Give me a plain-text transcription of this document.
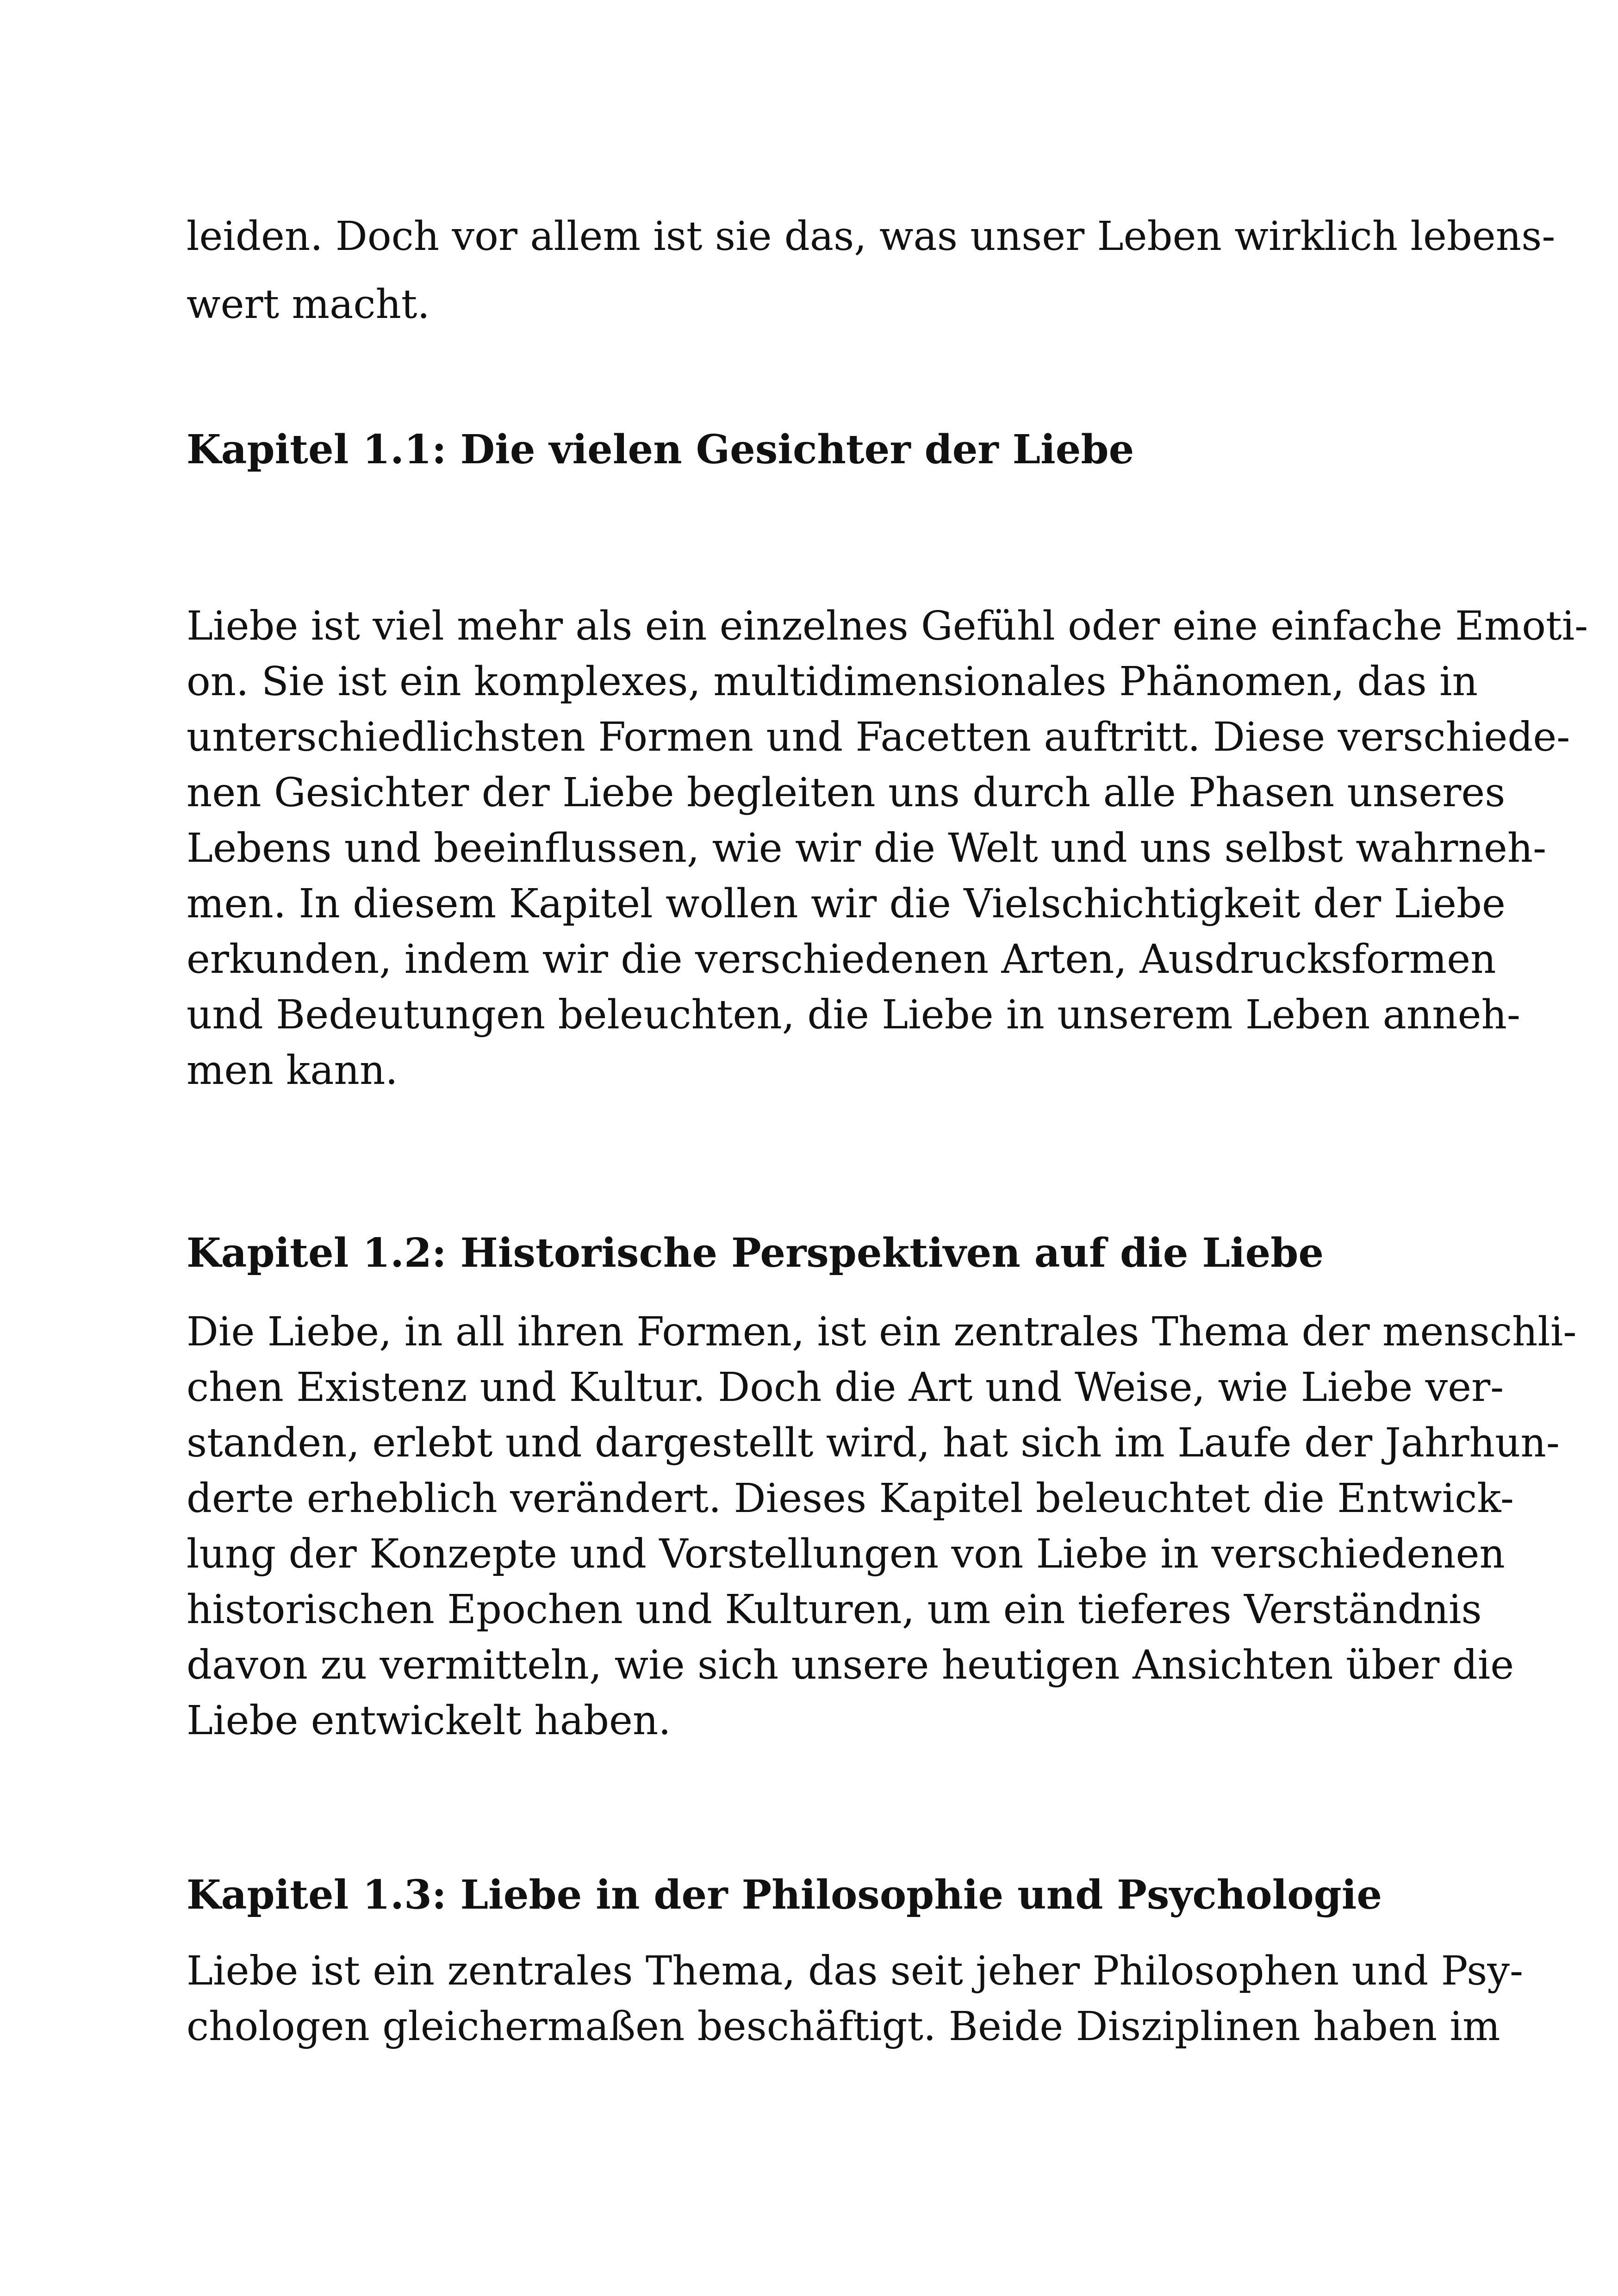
leiden. Doch vor allem ist sie das, was unser Leben wirklich lebens-
wert macht.
Kapitel 1.1: Die vielen Gesichter der Liebe
Liebe ist viel mehr als ein einzelnes Gefühl oder eine einfache Emoti-
on. Sie ist ein komplexes, multidimensionales Phänomen, das in
unterschiedlichsten Formen und Facetten auftritt. Diese verschiede-
nen Gesichter der Liebe begleiten uns durch alle Phasen unseres
Lebens und beeinflussen, wie wir die Welt und uns selbst wahrneh-
men. In diesem Kapitel wollen wir die Vielschichtigkeit der Liebe
erkunden, indem wir die verschiedenen Arten, Ausdrucksformen
und Bedeutungen beleuchten, die Liebe in unserem Leben anneh-
men kann.
Kapitel 1.2: Historische Perspektiven auf die Liebe
Die Liebe, in all ihren Formen, ist ein zentrales Thema der menschli-
chen Existenz und Kultur. Doch die Art und Weise, wie Liebe ver-
standen, erlebt und dargestellt wird, hat sich im Laufe der Jahrhun-
derte erheblich verändert. Dieses Kapitel beleuchtet die Entwick-
lung der Konzepte und Vorstellungen von Liebe in verschiedenen
historischen Epochen und Kulturen, um ein tieferes Verständnis
davon zu vermitteln, wie sich unsere heutigen Ansichten über die
Liebe entwickelt haben.
Kapitel 1.3: Liebe in der Philosophie und Psychologie
Liebe ist ein zentrales Thema, das seit jeher Philosophen und Psy-
chologen gleichermaßen beschäftigt. Beide Disziplinen haben im
